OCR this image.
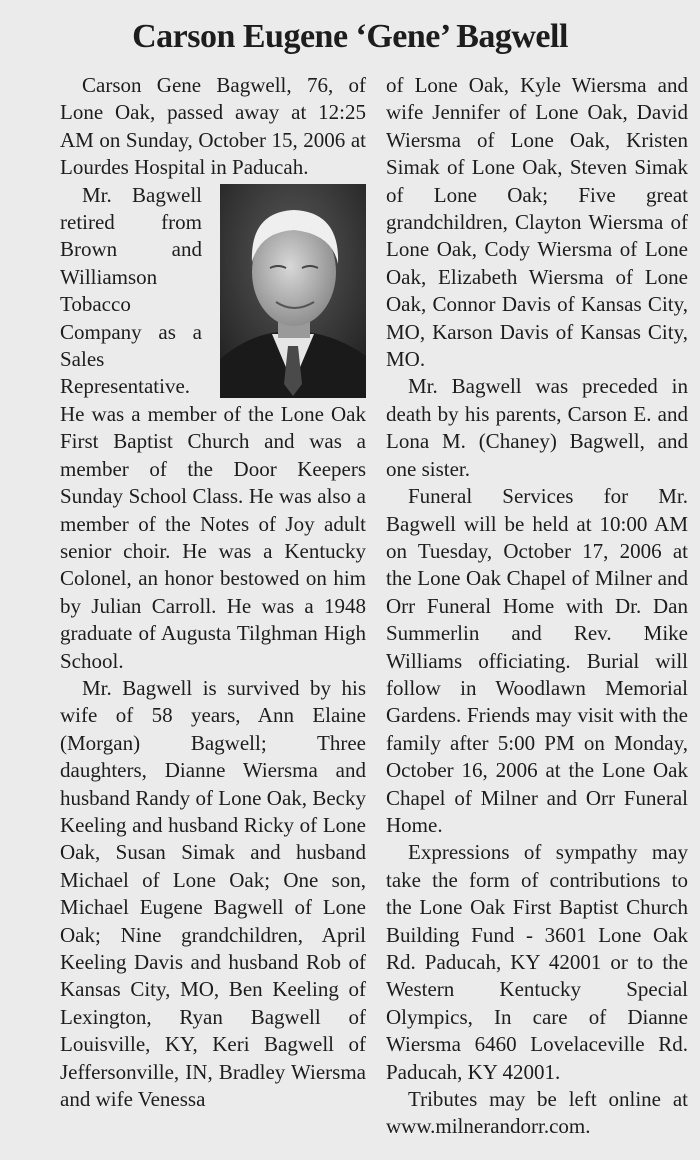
Carson Eugene ‘Gene’ Bagwell

Carson Gene Bagwell, 76, of Lone Oak, passed away at 12:25 AM on Sunday, October 15, 2006 at Lourdes Hospital in Paducah.

Mr. Bagwell retired from Brown and Williamson Tobacco Company as a Sales Representative. He was a member of the Lone Oak First Baptist Church and was a member of the Door Keepers Sunday School Class. He was also a member of the Notes of Joy adult senior choir. He was a Kentucky Colonel, an honor bestowed on him by Julian Carroll. He was a 1948 graduate of Augusta Tilghman High School.

Mr. Bagwell is survived by his wife of 58 years, Ann Elaine (Morgan) Bagwell; Three daughters, Dianne Wiersma and husband Randy of Lone Oak, Becky Keeling and husband Ricky of Lone Oak, Susan Simak and husband Michael of Lone Oak; One son, Michael Eugene Bagwell of Lone Oak; Nine grandchildren, April Keeling Davis and husband Rob of Kansas City, MO, Ben Keeling of Lexington, Ryan Bagwell of Louisville, KY, Keri Bagwell of Jeffersonville, IN, Bradley Wiersma and wife Venessa

of Lone Oak, Kyle Wiersma and wife Jennifer of Lone Oak, David Wiersma of Lone Oak, Kristen Simak of Lone Oak, Steven Simak of Lone Oak; Five great grandchildren, Clayton Wiersma of Lone Oak, Cody Wiersma of Lone Oak, Elizabeth Wiersma of Lone Oak, Connor Davis of Kansas City, MO, Karson Davis of Kansas City, MO.

Mr. Bagwell was preceded in death by his parents, Carson E. and Lona M. (Chaney) Bagwell, and one sister.

Funeral Services for Mr. Bagwell will be held at 10:00 AM on Tuesday, October 17, 2006 at the Lone Oak Chapel of Milner and Orr Funeral Home with Dr. Dan Summerlin and Rev. Mike Williams officiating. Burial will follow in Woodlawn Memorial Gardens. Friends may visit with the family after 5:00 PM on Monday, October 16, 2006 at the Lone Oak Chapel of Milner and Orr Funeral Home.

Expressions of sympathy may take the form of contributions to the Lone Oak First Baptist Church Building Fund - 3601 Lone Oak Rd. Paducah, KY 42001 or to the Western Kentucky Special Olympics, In care of Dianne Wiersma 6460 Lovelaceville Rd. Paducah, KY 42001.

Tributes may be left online at www.milnerandorr.com.
